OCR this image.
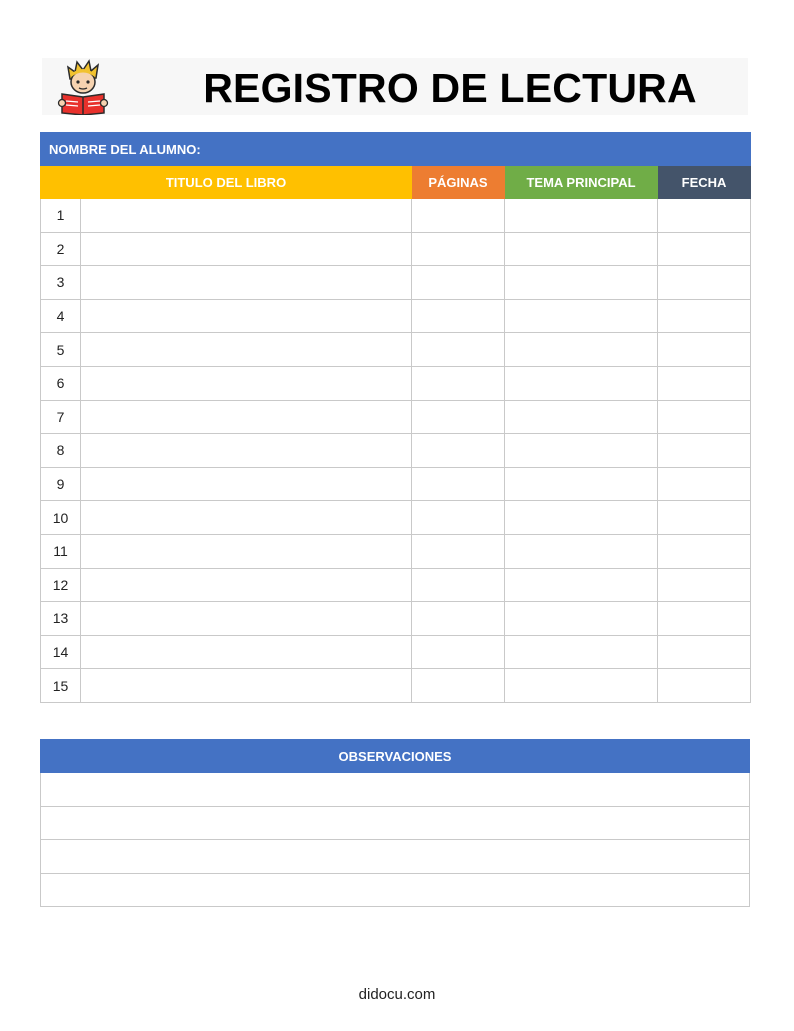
REGISTRO DE LECTURA
NOMBRE DEL ALUMNO:				
TITULO DEL LIBRO		PÁGINAS	TEMA PRINCIPAL	FECHA
1				
2				
3				
4				
5				
6				
7				
8				
9				
10				
11				
12				
13				
14				
15				
OBSERVACIONES

didocu.com
